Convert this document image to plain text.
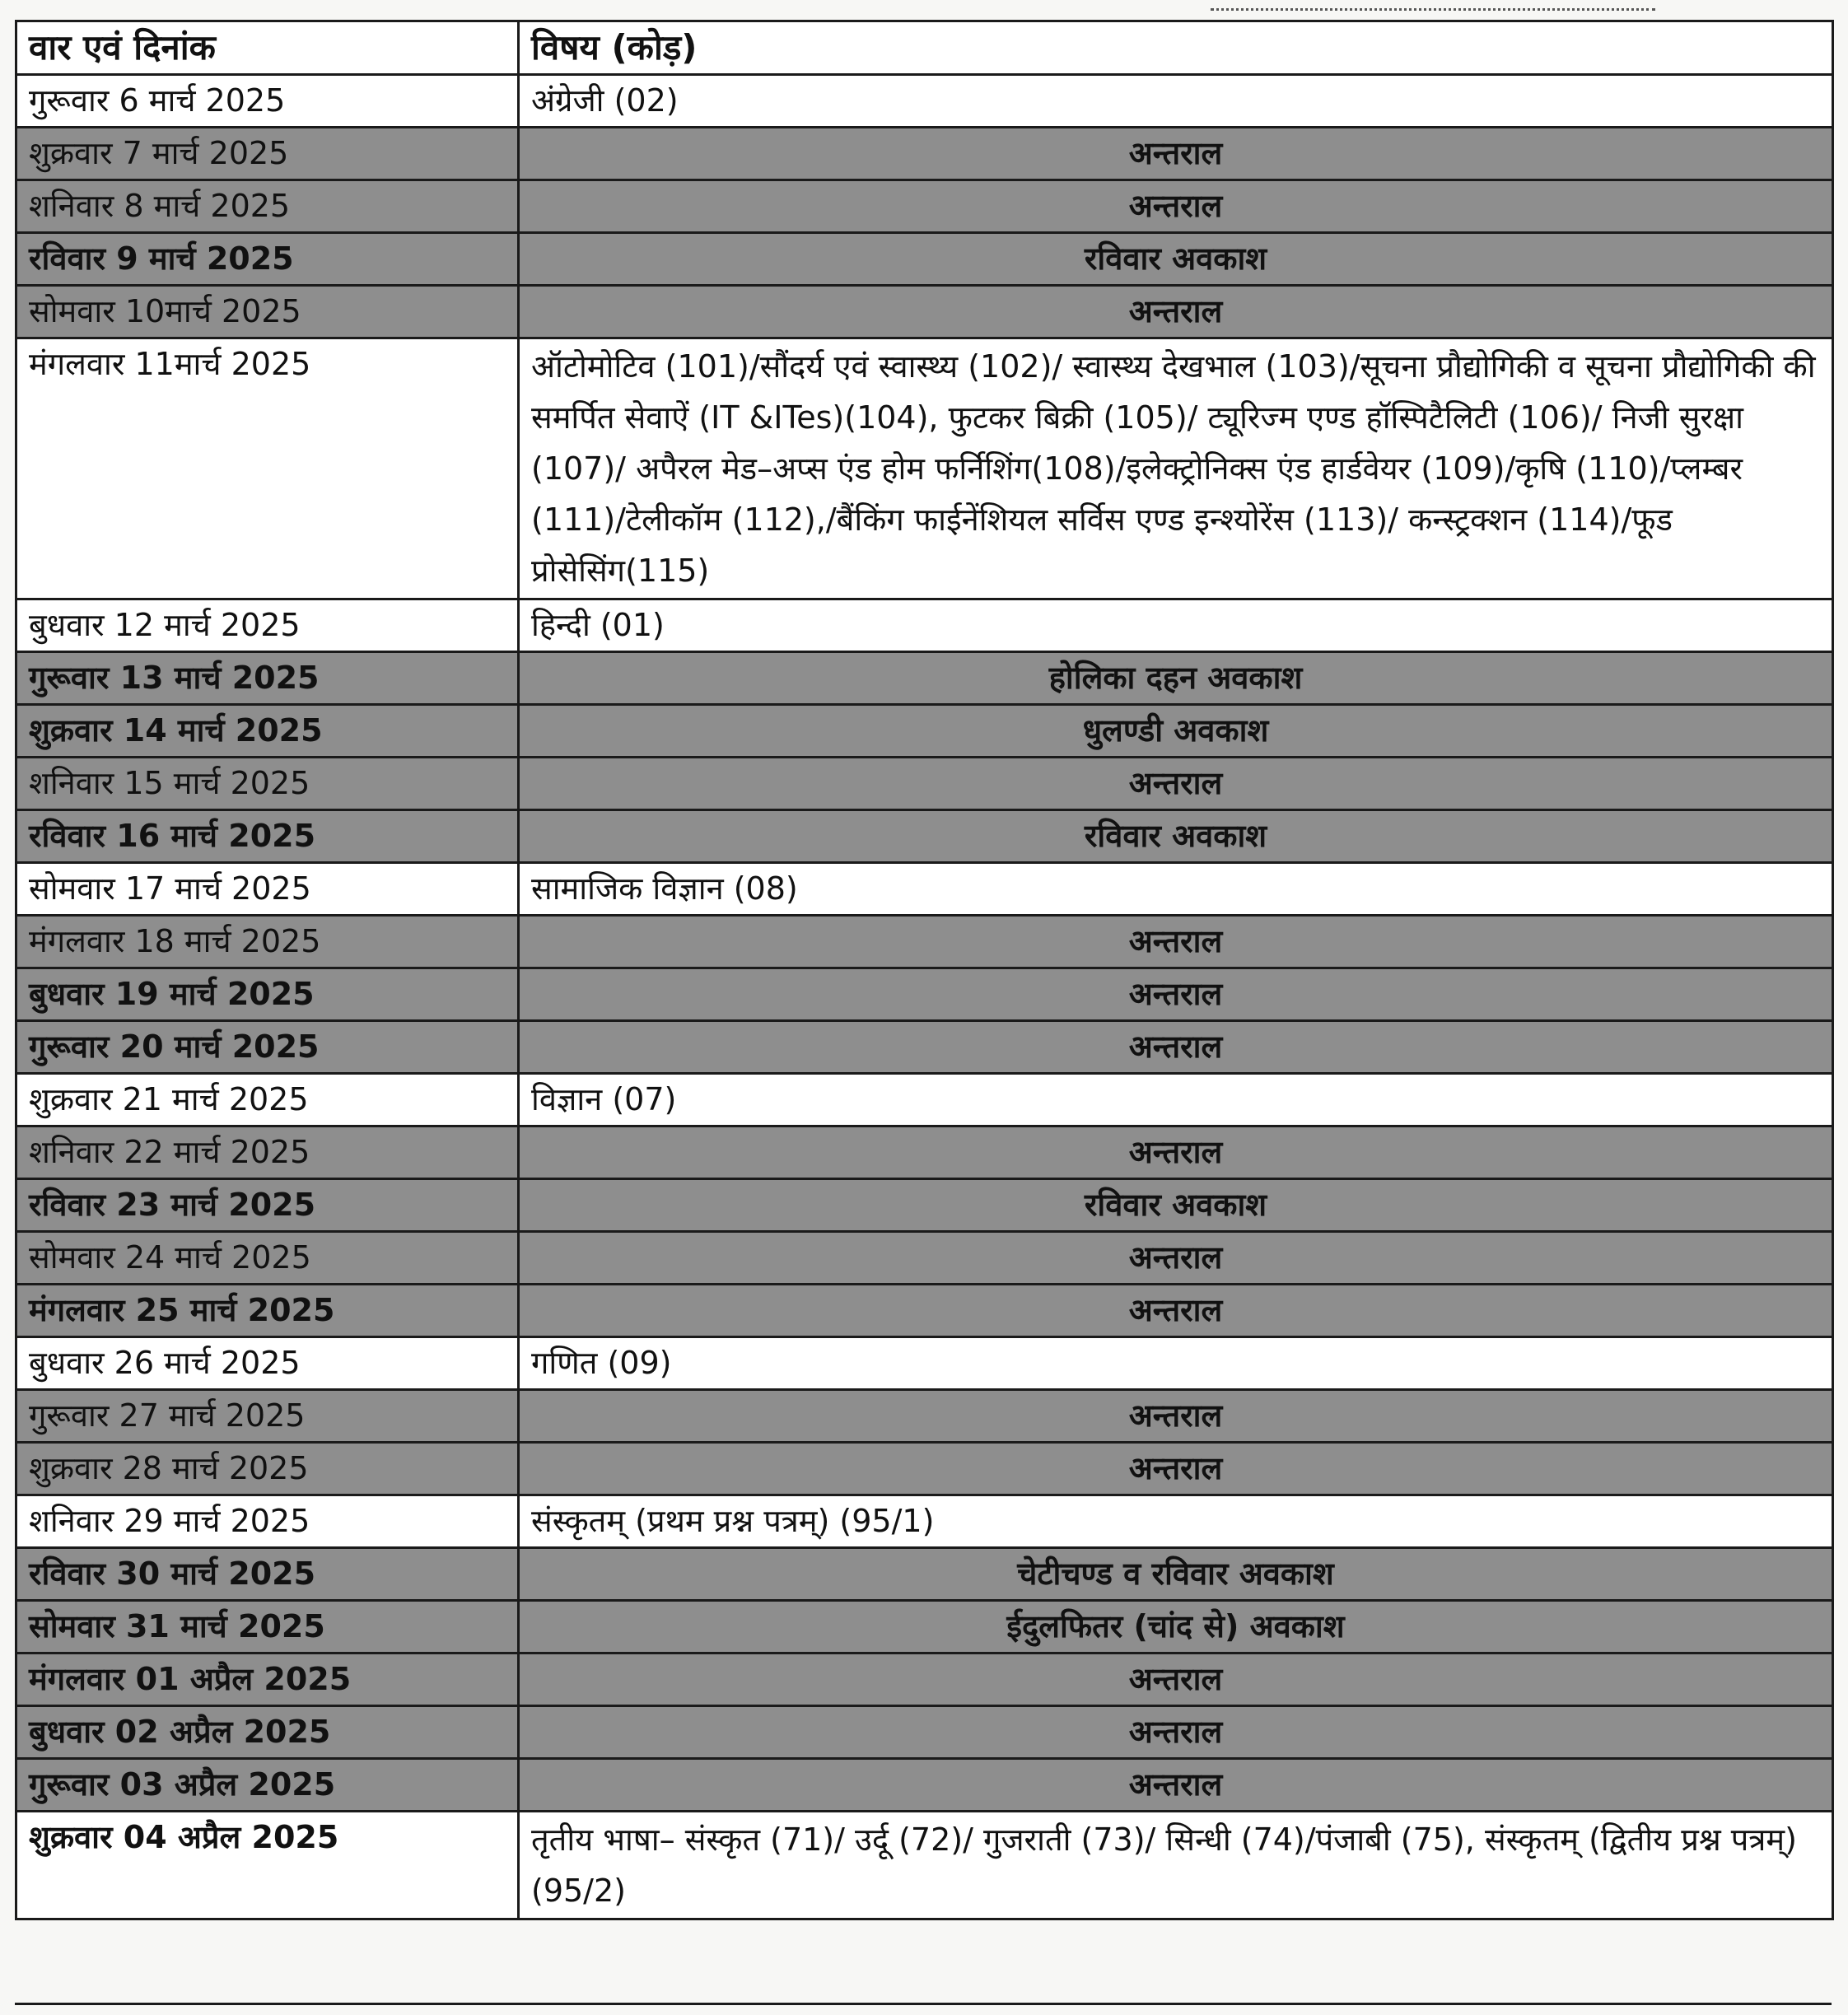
वार एवं दिनांक	विषय (कोड़)
गुरूवार 6 मार्च 2025	अंग्रेजी (02)
शुक्रवार 7 मार्च 2025	अन्तराल
शनिवार 8 मार्च 2025	अन्तराल
रविवार 9 मार्च 2025	रविवार अवकाश
सोमवार 10मार्च 2025	अन्तराल
मंगलवार 11मार्च 2025	ऑटोमोटिव (101)/सौंदर्य एवं स्वास्थ्य (102)/ स्वास्थ्य देखभाल (103)/सूचना प्रौद्योगिकी व सूचना प्रौद्योगिकी की समर्पित सेवाऐं (IT &ITes)(104), फुटकर बिक्री (105)/ ट्यूरिज्म एण्ड हॉस्पिटैलिटी (106)/ निजी सुरक्षा (107)/ अपैरल मेड–अप्स एंड होम फर्निशिंग(108)/इलेक्ट्रोनिक्स एंड हार्डवेयर (109)/कृषि (110)/प्लम्बर (111)/टेलीकॉम (112),/बैंकिंग फाईनेंशियल सर्विस एण्ड इन्श्योरेंस (113)/ कन्स्ट्रक्शन (114)/फूड प्रोसेसिंग(115)
बुधवार 12 मार्च 2025	हिन्दी (01)
गुरूवार 13 मार्च 2025	होलिका दहन अवकाश
शुक्रवार 14 मार्च 2025	धुलण्डी अवकाश
शनिवार 15 मार्च 2025	अन्तराल
रविवार 16 मार्च 2025	रविवार अवकाश
सोमवार 17 मार्च 2025	सामाजिक विज्ञान (08)
मंगलवार 18 मार्च 2025	अन्तराल
बुधवार 19 मार्च 2025	अन्तराल
गुरूवार 20 मार्च 2025	अन्तराल
शुक्रवार 21 मार्च 2025	विज्ञान (07)
शनिवार 22 मार्च 2025	अन्तराल
रविवार 23 मार्च 2025	रविवार अवकाश
सोमवार 24 मार्च 2025	अन्तराल
मंगलवार 25 मार्च 2025	अन्तराल
बुधवार 26 मार्च 2025	गणित (09)
गुरूवार 27 मार्च 2025	अन्तराल
शुक्रवार 28 मार्च 2025	अन्तराल
शनिवार 29 मार्च 2025	संस्कृतम् (प्रथम प्रश्न पत्रम्) (95/1)
रविवार 30 मार्च 2025	चेटीचण्ड व रविवार अवकाश
सोमवार 31 मार्च 2025	ईदुलफितर (चांद से) अवकाश
मंगलवार 01 अप्रैल 2025	अन्तराल
बुधवार 02 अप्रैल 2025	अन्तराल
गुरूवार 03 अप्रैल 2025	अन्तराल
शुक्रवार 04 अप्रैल 2025	तृतीय भाषा– संस्कृत (71)/ उर्दू (72)/ गुजराती (73)/ सिन्धी (74)/पंजाबी (75), संस्कृतम् (द्वितीय प्रश्न पत्रम्) (95/2)
